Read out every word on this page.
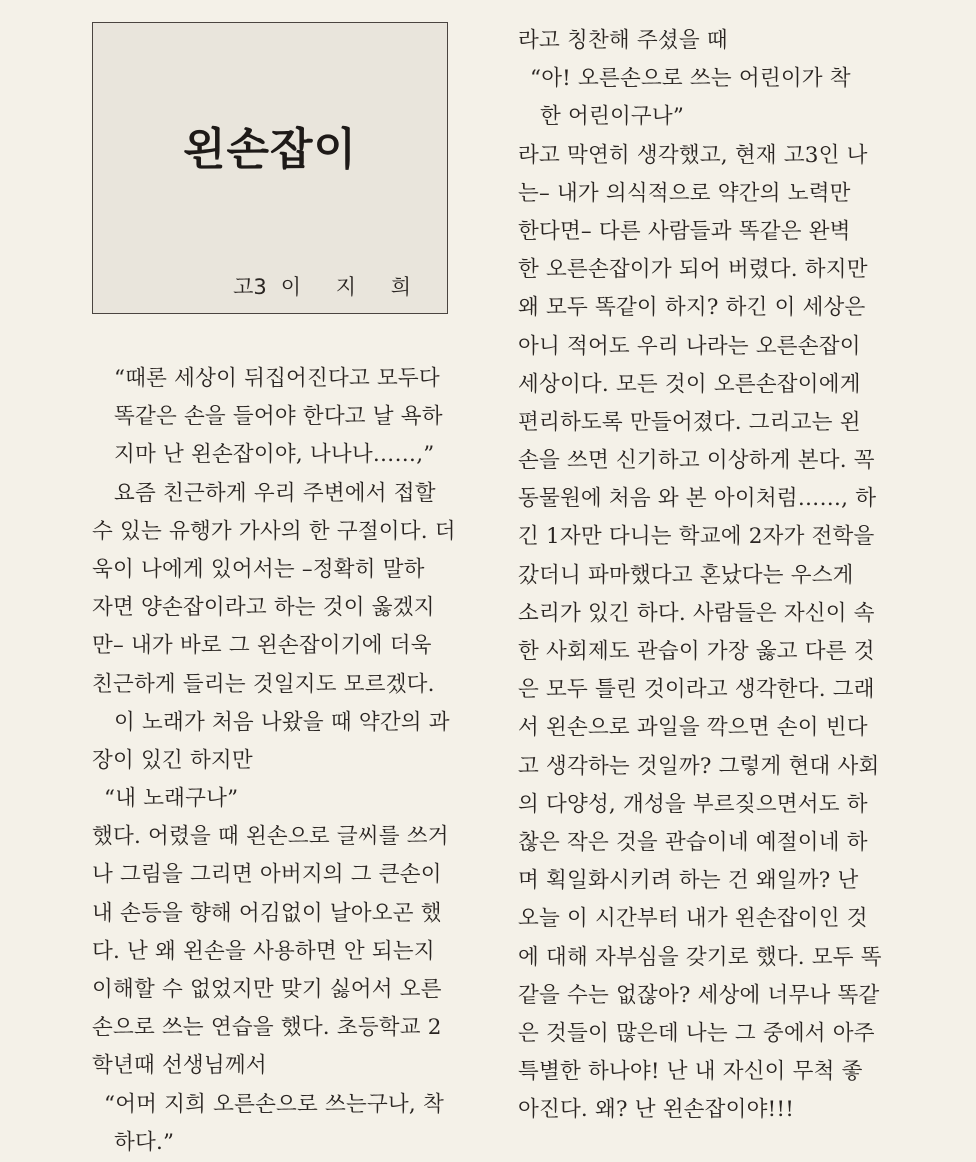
왼손잡이
고3 이 지 희
“때론 세상이 뒤집어진다고 모두다
똑같은 손을 들어야 한다고 날 욕하
지마 난 왼손잡이야, 나나나……,”
요즘 친근하게 우리 주변에서 접할
수 있는 유행가 가사의 한 구절이다. 더
욱이 나에게 있어서는 –정확히 말하
자면 양손잡이라고 하는 것이 옳겠지
만– 내가 바로 그 왼손잡이기에 더욱
친근하게 들리는 것일지도 모르겠다.
이 노래가 처음 나왔을 때 약간의 과
장이 있긴 하지만
“내 노래구나”
했다. 어렸을 때 왼손으로 글씨를 쓰거
나 그림을 그리면 아버지의 그 큰손이
내 손등을 향해 어김없이 날아오곤 했
다. 난 왜 왼손을 사용하면 안 되는지
이해할 수 없었지만 맞기 싫어서 오른
손으로 쓰는 연습을 했다. 초등학교 2
학년때 선생님께서
“어머 지희 오른손으로 쓰는구나, 착
하다.”
라고 칭찬해 주셨을 때
“아! 오른손으로 쓰는 어린이가 착
한 어린이구나”
라고 막연히 생각했고, 현재 고3인 나
는– 내가 의식적으로 약간의 노력만
한다면– 다른 사람들과 똑같은 완벽
한 오른손잡이가 되어 버렸다. 하지만
왜 모두 똑같이 하지? 하긴 이 세상은
아니 적어도 우리 나라는 오른손잡이
세상이다. 모든 것이 오른손잡이에게
편리하도록 만들어졌다. 그리고는 왼
손을 쓰면 신기하고 이상하게 본다. 꼭
동물원에 처음 와 본 아이처럼……, 하
긴 1자만 다니는 학교에 2자가 전학을
갔더니 파마했다고 혼났다는 우스게
소리가 있긴 하다. 사람들은 자신이 속
한 사회제도 관습이 가장 옳고 다른 것
은 모두 틀린 것이라고 생각한다. 그래
서 왼손으로 과일을 깍으면 손이 빈다
고 생각하는 것일까? 그렇게 현대 사회
의 다양성, 개성을 부르짖으면서도 하
찮은 작은 것을 관습이네 예절이네 하
며 획일화시키려 하는 건 왜일까? 난
오늘 이 시간부터 내가 왼손잡이인 것
에 대해 자부심을 갖기로 했다. 모두 똑
같을 수는 없잖아? 세상에 너무나 똑같
은 것들이 많은데 나는 그 중에서 아주
특별한 하나야! 난 내 자신이 무척 좋
아진다. 왜? 난 왼손잡이야!!!
